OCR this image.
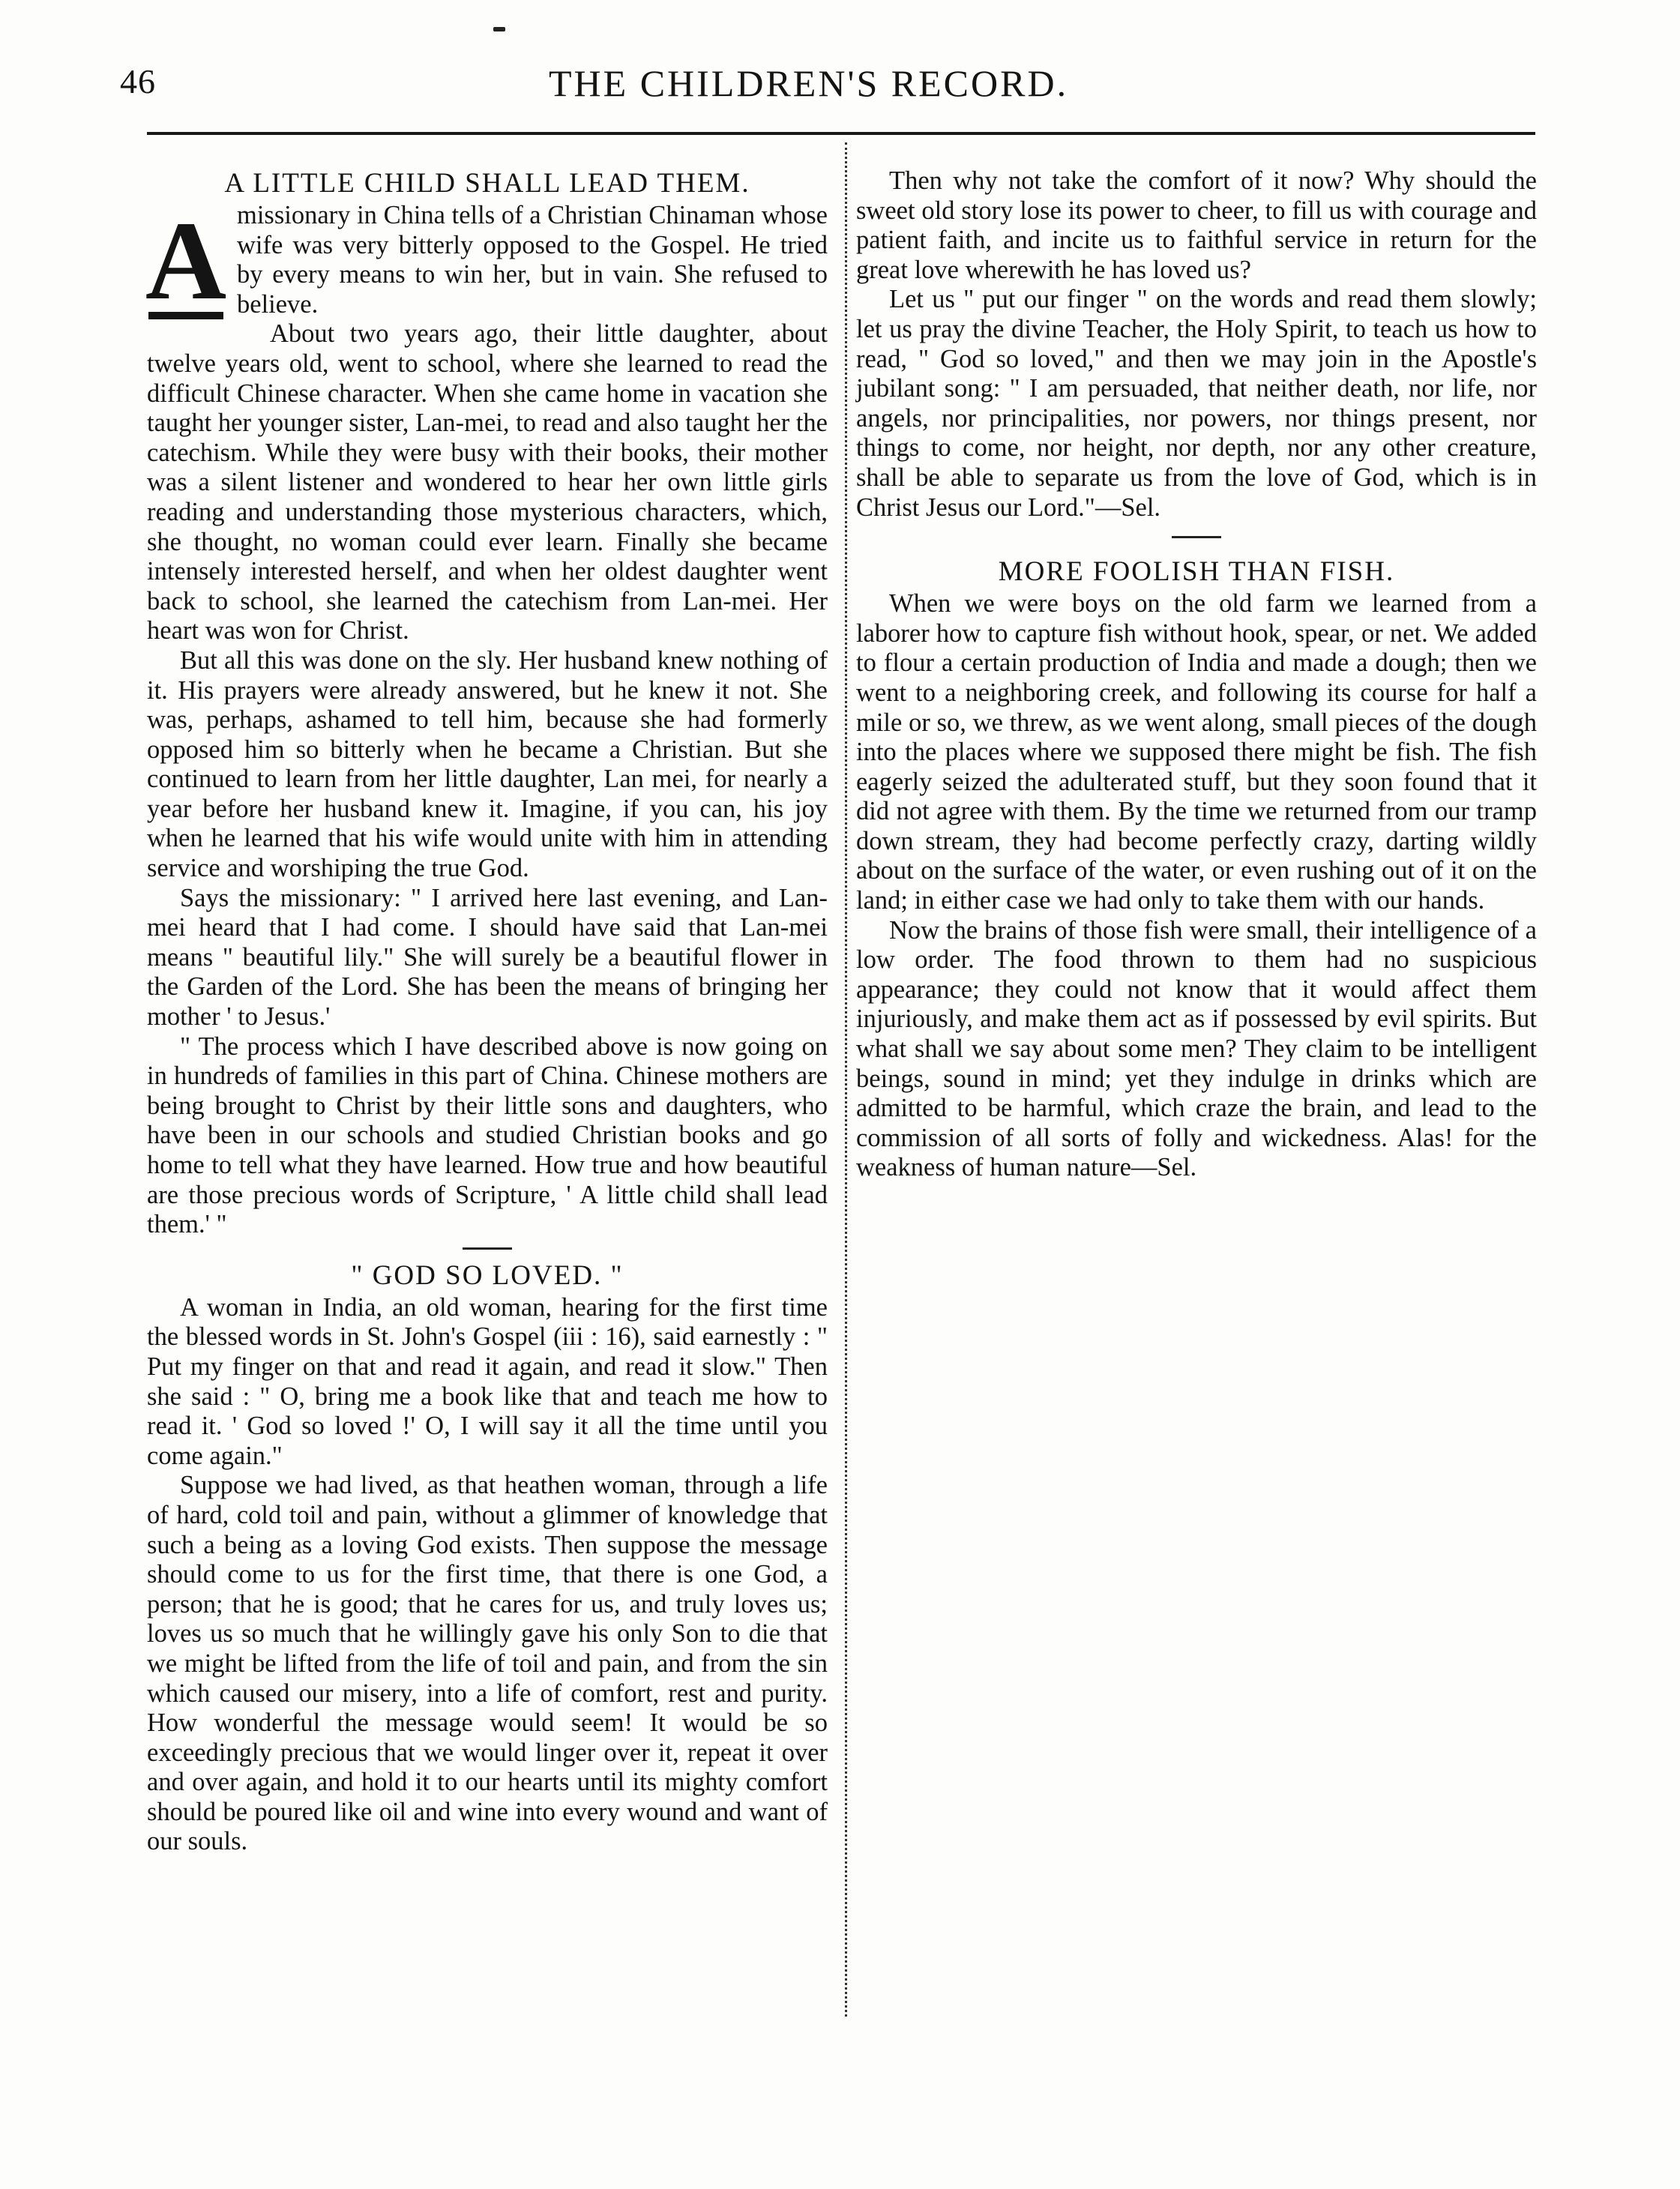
46	THE CHILDREN'S RECORD.
A LITTLE CHILD SHALL LEAD THEM.
A missionary in China tells of a Christian Chinaman whose wife was very bitterly opposed to the Gospel. He tried by every means to win her, but in vain. She refused to believe.

About two years ago, their little daughter, about twelve years old, went to school, where she learned to read the difficult Chinese character. When she came home in vacation she taught her younger sister, Lan-mei, to read and also taught her the catechism. While they were busy with their books, their mother was a silent listener and wondered to hear her own little girls reading and understanding those mysterious characters, which, she thought, no woman could ever learn. Finally she became intensely interested herself, and when her oldest daughter went back to school, she learned the catechism from Lan-mei. Her heart was won for Christ.

But all this was done on the sly. Her husband knew nothing of it. His prayers were already answered, but he knew it not. She was, perhaps, ashamed to tell him, because she had formerly opposed him so bitterly when he became a Christian. But she continued to learn from her little daughter, Lan mei, for nearly a year before her husband knew it. Imagine, if you can, his joy when he learned that his wife would unite with him in attending service and worshiping the true God.

Says the missionary: " I arrived here last evening, and Lan-mei heard that I had come. I should have said that Lan-mei means " beautiful lily." She will surely be a beautiful flower in the Garden of the Lord. She has been the means of bringing her mother ' to Jesus.'

" The process which I have described above is now going on in hundreds of families in this part of China. Chinese mothers are being brought to Christ by their little sons and daughters, who have been in our schools and studied Christian books and go home to tell what they have learned. How true and how beautiful are those precious words of Scripture, ' A little child shall lead them.' "

" GOD SO LOVED. "

A woman in India, an old woman, hearing for the first time the blessed words in St. John's Gospel (iii : 16), said earnestly : " Put my finger on that and read it again, and read it slow." Then she said : " O, bring me a book like that and teach me how to read it. ' God so loved !' O, I will say it all the time until you come again."

Suppose we had lived, as that heathen woman, through a life of hard, cold toil and pain, without a glimmer of knowledge that such a being as a loving God exists. Then suppose the message should come to us for the first time, that there is one God, a person; that he is good; that he cares for us, and truly loves us; loves us so much that he willingly gave his only Son to die that we might be lifted from the life of toil and pain, and from the sin which caused our misery, into a life of comfort, rest and purity. How wonderful the message would seem! It would be so exceedingly precious that we would linger over it, repeat it over and over again, and hold it to our hearts until its mighty comfort should be poured like oil and wine into every wound and want of our souls.

Then why not take the comfort of it now? Why should the sweet old story lose its power to cheer, to fill us with courage and patient faith, and incite us to faithful service in return for the great love wherewith he has loved us?

Let us " put our finger " on the words and read them slowly; let us pray the divine Teacher, the Holy Spirit, to teach us how to read, " God so loved," and then we may join in the Apostle's jubilant song: " I am persuaded, that neither death, nor life, nor angels, nor principalities, nor powers, nor things present, nor things to come, nor height, nor depth, nor any other creature, shall be able to separate us from the love of God, which is in Christ Jesus our Lord."—Sel.

MORE FOOLISH THAN FISH.

When we were boys on the old farm we learned from a laborer how to capture fish without hook, spear, or net. We added to flour a certain production of India and made a dough; then we went to a neighboring creek, and following its course for half a mile or so, we threw, as we went along, small pieces of the dough into the places where we supposed there might be fish. The fish eagerly seized the adulterated stuff, but they soon found that it did not agree with them. By the time we returned from our tramp down stream, they had become perfectly crazy, darting wildly about on the surface of the water, or even rushing out of it on the land; in either case we had only to take them with our hands.

Now the brains of those fish were small, their intelligence of a low order. The food thrown to them had no suspicious appearance; they could not know that it would affect them injuriously, and make them act as if possessed by evil spirits. But what shall we say about some men? They claim to be intelligent beings, sound in mind; yet they indulge in drinks which are admitted to be harmful, which craze the brain, and lead to the commission of all sorts of folly and wickedness. Alas! for the weakness of human nature—Sel.
